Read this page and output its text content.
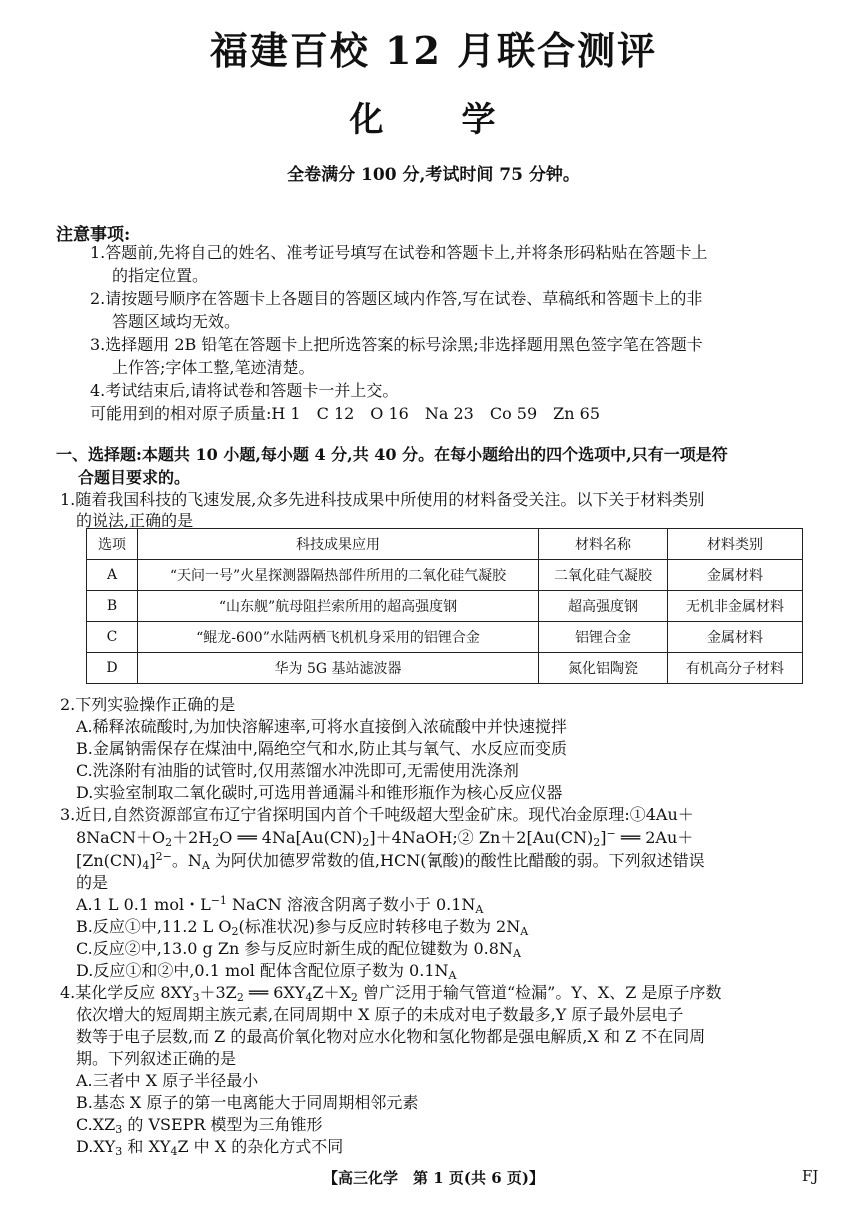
福建百校 12 月联合测评
化　学
全卷满分 100 分,考试时间 75 分钟。
注意事项:
1.答题前,先将自己的姓名、准考证号填写在试卷和答题卡上,并将条形码粘贴在答题卡上
的指定位置。
2.请按题号顺序在答题卡上各题目的答题区域内作答,写在试卷、草稿纸和答题卡上的非
答题区域均无效。
3.选择题用 2B 铅笔在答题卡上把所选答案的标号涂黑;非选择题用黑色签字笔在答题卡
上作答;字体工整,笔迹清楚。
4.考试结束后,请将试卷和答题卡一并上交。
可能用到的相对原子质量:H 1　C 12　O 16　Na 23　Co 59　Zn 65
一、选择题:本题共 10 小题,每小题 4 分,共 40 分。在每小题给出的四个选项中,只有一项是符
合题目要求的。
1.随着我国科技的飞速发展,众多先进科技成果中所使用的材料备受关注。以下关于材料类别
的说法,正确的是
选项	科技成果应用	材料名称	材料类别
A	“天问一号”火星探测器隔热部件所用的二氧化硅气凝胶	二氧化硅气凝胶	金属材料
B	“山东舰”航母阻拦索所用的超高强度钢	超高强度钢	无机非金属材料
C	“鲲龙-600”水陆两栖飞机机身采用的铝锂合金	铝锂合金	金属材料
D	华为 5G 基站滤波器	氮化铝陶瓷	有机高分子材料
2.下列实验操作正确的是
A.稀释浓硫酸时,为加快溶解速率,可将水直接倒入浓硫酸中并快速搅拌
B.金属钠需保存在煤油中,隔绝空气和水,防止其与氧气、水反应而变质
C.洗涤附有油脂的试管时,仅用蒸馏水冲洗即可,无需使用洗涤剂
D.实验室制取二氧化碳时,可选用普通漏斗和锥形瓶作为核心反应仪器
3.近日,自然资源部宣布辽宁省探明国内首个千吨级超大型金矿床。现代冶金原理:①4Au＋
$8NaCN+O_2+2H_2O$ ══ $4Na[Au(CN)_2]+4NaOH;②$ $Zn+2[Au(CN)_2]^-$ ══ 2Au＋
$[Zn(CN)_4]^{2-}$。$N_A$ 为阿伏加德罗常数的值,HCN(氰酸)的酸性比醋酸的弱。下列叙述错误
的是
A.1 L 0.1 mol・$L^{-1}$ NaCN 溶液含阴离子数小于 $0.1N_A$
B.反应①中,11.2 L $O_2$(标准状况)参与反应时转移电子数为 $2N_A$
C.反应②中,13.0 g Zn 参与反应时新生成的配位键数为 $0.8N_A$
D.反应①和②中,0.1 mol 配体含配位原子数为 $0.1N_A$
4.某化学反应 $8XY_3+3Z_2$ ══ $6XY_4Z+X_2$ 曾广泛用于输气管道“检漏”。Y、X、Z 是原子序数
依次增大的短周期主族元素,在同周期中 X 原子的未成对电子数最多,Y 原子最外层电子
数等于电子层数,而 Z 的最高价氧化物对应水化物和氢化物都是强电解质,X 和 Z 不在同周
期。下列叙述正确的是
A.三者中 X 原子半径最小
B.基态 X 原子的第一电离能大于同周期相邻元素
$C.XZ_3$ 的 VSEPR 模型为三角锥形
$D.XY_3$ 和 $XY_4Z$ 中 X 的杂化方式不同
【高三化学　第 1 页(共 6 页)】	FJ
